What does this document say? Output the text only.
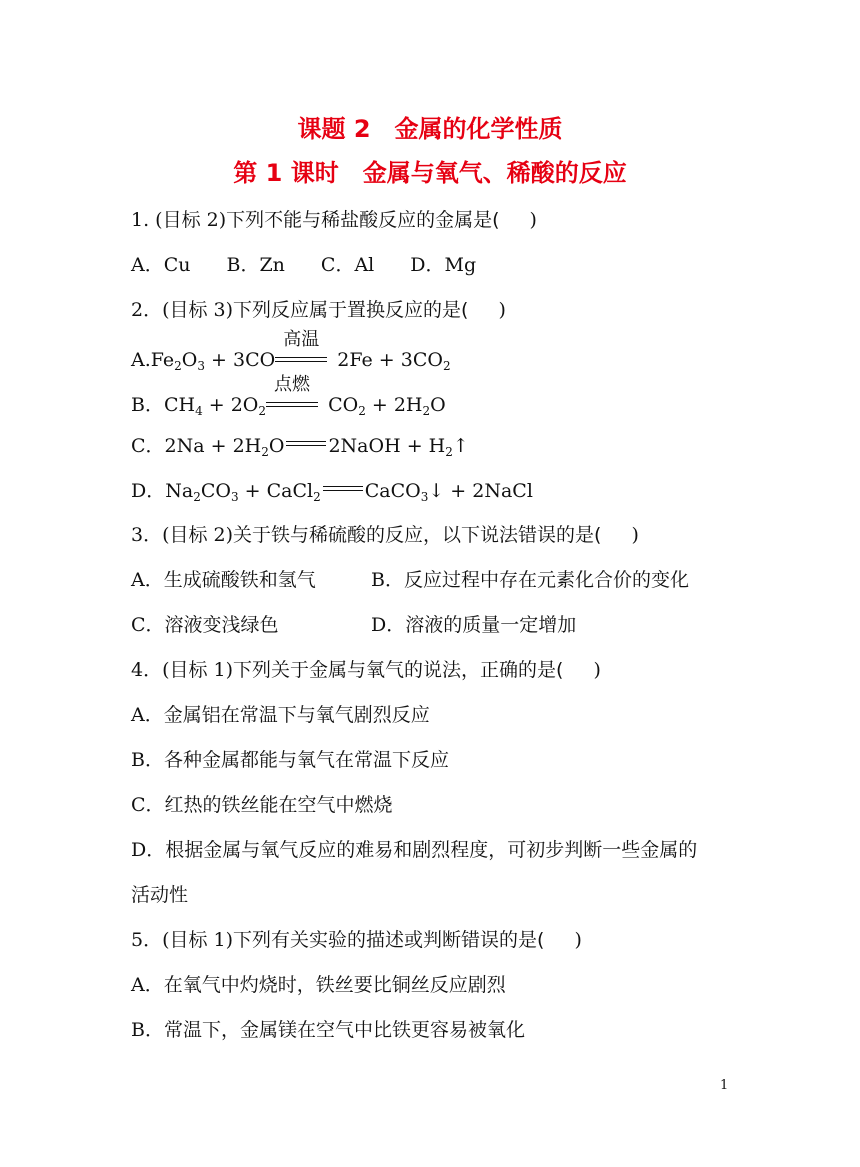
课题 2　金属的化学性质
第 1 课时　金属与氧气、稀酸的反应
1. (目标 2)下列不能与稀盐酸反应的金属是( )
A．Cu B．Zn C．Al D．Mg
2．(目标 3)下列反应属于置换反应的是( )
$A.Fe_2O_3 + 3CO$
高温
$2Fe + 3CO_2$
B．$CH_4 + 2O_2$
点燃
$CO_2 + 2H_2O$
C．$2Na + 2H_2O$ 2NaOH + $H_2↑$
D．$Na_2CO_3$ + CaCl$_2$ CaCO$_3$↓ + 2NaCl
3．(目标 2)关于铁与稀硫酸的反应，以下说法错误的是( )
A．生成硫酸铁和氢气	B．反应过程中存在元素化合价的变化
C．溶液变浅绿色	D．溶液的质量一定增加
4．(目标 1)下列关于金属与氧气的说法，正确的是( )
A．金属铝在常温下与氧气剧烈反应
B．各种金属都能与氧气在常温下反应
C．红热的铁丝能在空气中燃烧
D．根据金属与氧气反应的难易和剧烈程度，可初步判断一些金属的
活动性
5．(目标 1)下列有关实验的描述或判断错误的是( )
A．在氧气中灼烧时，铁丝要比铜丝反应剧烈
B．常温下，金属镁在空气中比铁更容易被氧化
1
